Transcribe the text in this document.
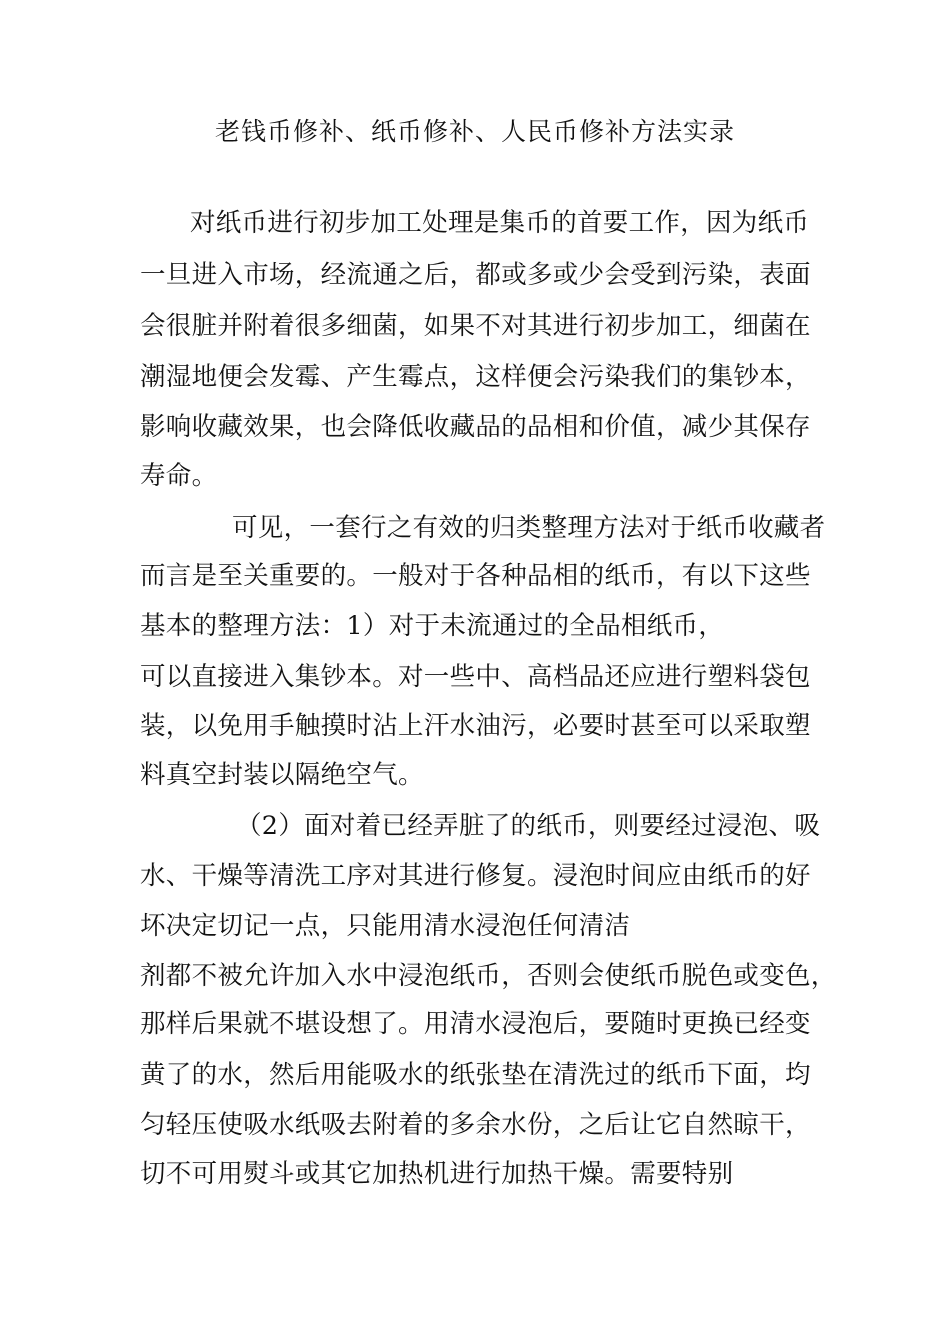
老钱币修补、纸币修补、人民币修补方法实录
对纸币进行初步加工处理是集币的首要工作，因为纸币
一旦进入市场，经流通之后，都或多或少会受到污染，表面
会很脏并附着很多细菌，如果不对其进行初步加工，细菌在
潮湿地便会发霉、产生霉点，这样便会污染我们的集钞本，
影响收藏效果，也会降低收藏品的品相和价值，减少其保存
寿命。
可见，一套行之有效的归类整理方法对于纸币收藏者
而言是至关重要的。一般对于各种品相的纸币，有以下这些
基本的整理方法：1）对于未流通过的全品相纸币，
可以直接进入集钞本。对一些中、高档品还应进行塑料袋包
装，以免用手触摸时沾上汗水油污，必要时甚至可以采取塑
料真空封装以隔绝空气。
（2）面对着已经弄脏了的纸币，则要经过浸泡、吸
水、干燥等清洗工序对其进行修复。浸泡时间应由纸币的好
坏决定切记一点，只能用清水浸泡任何清洁
剂都不被允许加入水中浸泡纸币，否则会使纸币脱色或变色，
那样后果就不堪设想了。用清水浸泡后，要随时更换已经变
黄了的水，然后用能吸水的纸张垫在清洗过的纸币下面，均
匀轻压使吸水纸吸去附着的多余水份，之后让它自然晾干，
切不可用熨斗或其它加热机进行加热干燥。需要特别
